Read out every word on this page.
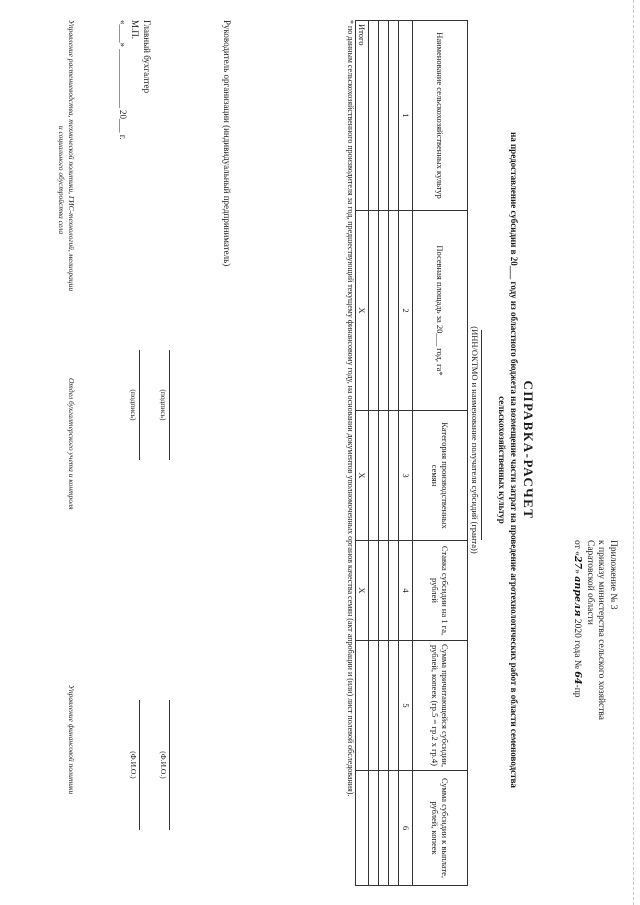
Приложение № 3
к приказу министерства сельского хозяйства
Саратовской области
от «27» апреля 2020 года № 64-пр
СПРАВКА-РАСЧЕТ
на предоставление субсидии в 20___ году из областного бюджета на возмещение части затрат на проведение агротехнологических работ в области семеноводства сельскохозяйственных культур
(ИНН/ОКТМО и наименование получателя субсидий (гранта))
Наименование сельскохозяйственных культур	Посевная площадь за 20___ год, га*	Категория производственных семян	Ставка субсидии на 1 га, рублей	Сумма причитающейся субсидии, рублей, копеек (гр.5 = гр.2 х гр.4)	Сумма субсидии к выплате, рублей, копеек
1	2	3	4	5	6

Итого	Х	Х	Х		
* по данным сельскохозяйственного производителя за год, предшествующий текущему финансовому году, на основании документов уполномоченных органов качества семян (акт апробации и (или) лист полевой обследования).
Руководитель организации (индивидуальный предприниматель)
(подпись)
(Ф.И.О.)
Главный бухгалтер
(подпись)
(Ф.И.О.)
М.П.
«____» _____________ 20___ г.
Управление растениеводства, технической политики, ГИС-технологий, мелиорации
и социального обустройства села
Отдел бухгалтерского учета и контроля
Управление финансовой политики
